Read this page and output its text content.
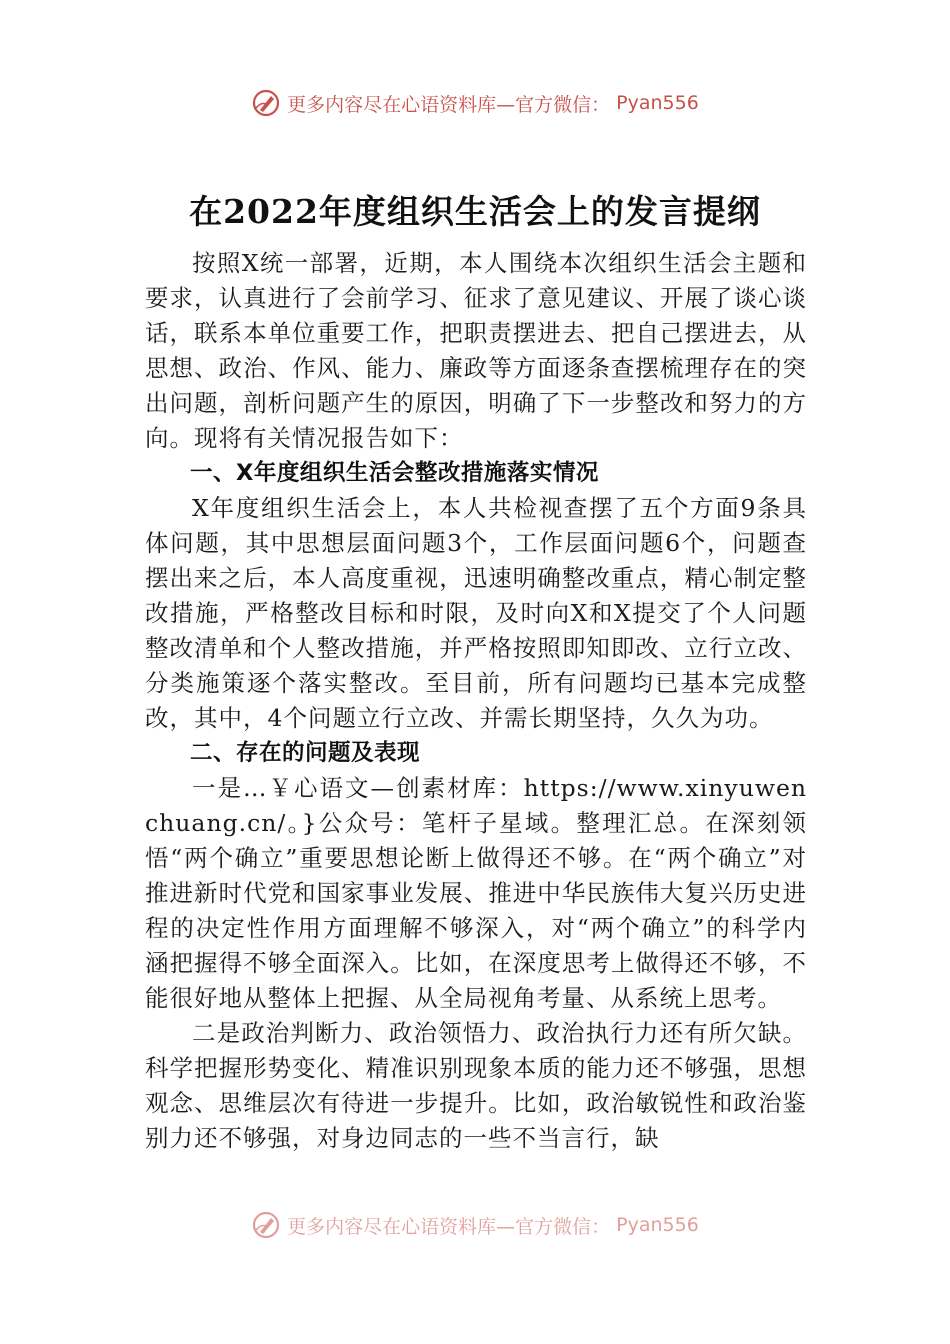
更多内容尽在心语资料库—官方微信： Pyan556
在2022年度组织生活会上的发言提纲

按照X统一部署，近期，本人围绕本次组织生活会主题和要求，认真进行了会前学习、征求了意见建议、开展了谈心谈话，联系本单位重要工作，把职责摆进去、把自己摆进去，从思想、政治、作风、能力、廉政等方面逐条查摆梳理存在的突出问题，剖析问题产生的原因，明确了下一步整改和努力的方向。现将有关情况报告如下：

一、X年度组织生活会整改措施落实情况

X年度组织生活会上，本人共检视查摆了五个方面9条具体问题，其中思想层面问题3个，工作层面问题6个，问题查摆出来之后，本人高度重视，迅速明确整改重点，精心制定整改措施，严格整改目标和时限，及时向X和X提交了个人问题整改清单和个人整改措施，并严格按照即知即改、立行立改、分类施策逐个落实整改。至目前，所有问题均已基本完成整改，其中，4个问题立行立改、并需长期坚持，久久为功。

二、存在的问题及表现

一是…￥心语文—创素材库：https://www.xinyuwenchuang.cn/。}公众号：笔杆子星域。整理汇总。在深刻领悟“两个确立”重要思想论断上做得还不够。在“两个确立”对推进新时代党和国家事业发展、推进中华民族伟大复兴历史进程的决定性作用方面理解不够深入，对“两个确立”的科学内涵把握得不够全面深入。比如，在深度思考上做得还不够，不能很好地从整体上把握、从全局视角考量、从系统上思考。

二是政治判断力、政治领悟力、政治执行力还有所欠缺。科学把握形势变化、精准识别现象本质的能力还不够强，思想观念、思维层次有待进一步提升。比如，政治敏锐性和政治鉴别力还不够强，对身边同志的一些不当言行，缺

更多内容尽在心语资料库—官方微信： Pyan556
